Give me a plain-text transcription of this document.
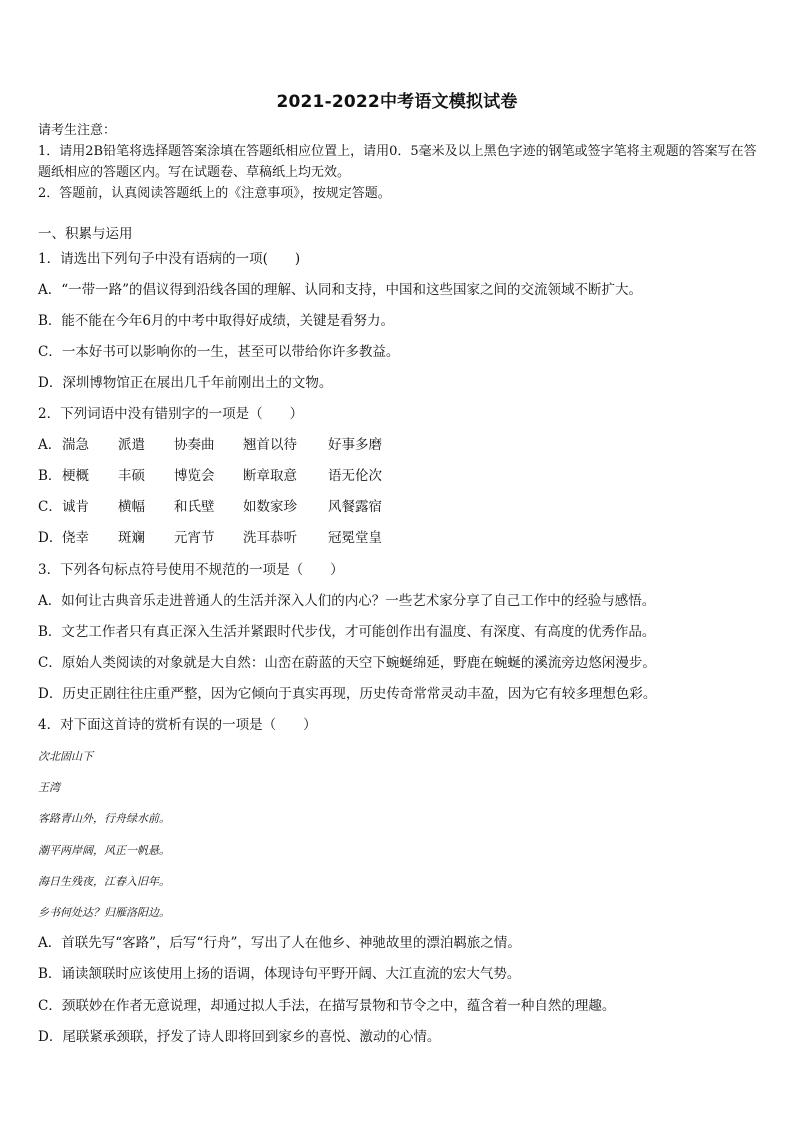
2021-2022中考语文模拟试卷
请考生注意：
1．请用2B铅笔将选择题答案涂填在答题纸相应位置上，请用0．5毫米及以上黑色字迹的钢笔或签字笔将主观题的答案写在答题纸相应的答题区内。写在试题卷、草稿纸上均无效。
2．答题前，认真阅读答题纸上的《注意事项》，按规定答题。
一、积累与运用
1．请选出下列句子中没有语病的一项(　　)
A．“一带一路”的倡议得到沿线各国的理解、认同和支持，中国和这些国家之间的交流领域不断扩大。
B．能不能在今年6月的中考中取得好成绩，关键是看努力。
C．一本好书可以影响你的一生，甚至可以带给你许多教益。
D．深圳博物馆正在展出几千年前刚出土的文物。
2．下列词语中没有错别字的一项是（　　）
A． 湍急 派遣 协奏曲 翘首以待 好事多磨
B． 梗概 丰硕 博览会 断章取意 语无伦次
C． 诚肯 横幅 和氏壁 如数家珍 风餐露宿
D． 侥幸 斑斓 元宵节 洗耳恭听 冠冕堂皇
3．下列各句标点符号使用不规范的一项是（　　）
A．如何让古典音乐走进普通人的生活并深入人们的内心？一些艺术家分享了自己工作中的经验与感悟。
B．文艺工作者只有真正深入生活并紧跟时代步伐，才可能创作出有温度、有深度、有高度的优秀作品。
C．原始人类阅读的对象就是大自然：山峦在蔚蓝的天空下蜿蜒绵延，野鹿在蜿蜒的溪流旁边悠闲漫步。
D．历史正剧往往庄重严整，因为它倾向于真实再现，历史传奇常常灵动丰盈，因为它有较多理想色彩。
4．对下面这首诗的赏析有误的一项是（　　）
次北固山下
王湾
客路青山外，行舟绿水前。
潮平两岸阔，风正一帆悬。
海日生残夜，江春入旧年。
乡书何处达？归雁洛阳边。
A．首联先写“客路”，后写“行舟”，写出了人在他乡、神驰故里的漂泊羁旅之情。
B．诵读颔联时应该使用上扬的语调，体现诗句平野开阔、大江直流的宏大气势。
C．颈联妙在作者无意说理，却通过拟人手法，在描写景物和节令之中，蕴含着一种自然的理趣。
D．尾联紧承颈联，抒发了诗人即将回到家乡的喜悦、激动的心情。
